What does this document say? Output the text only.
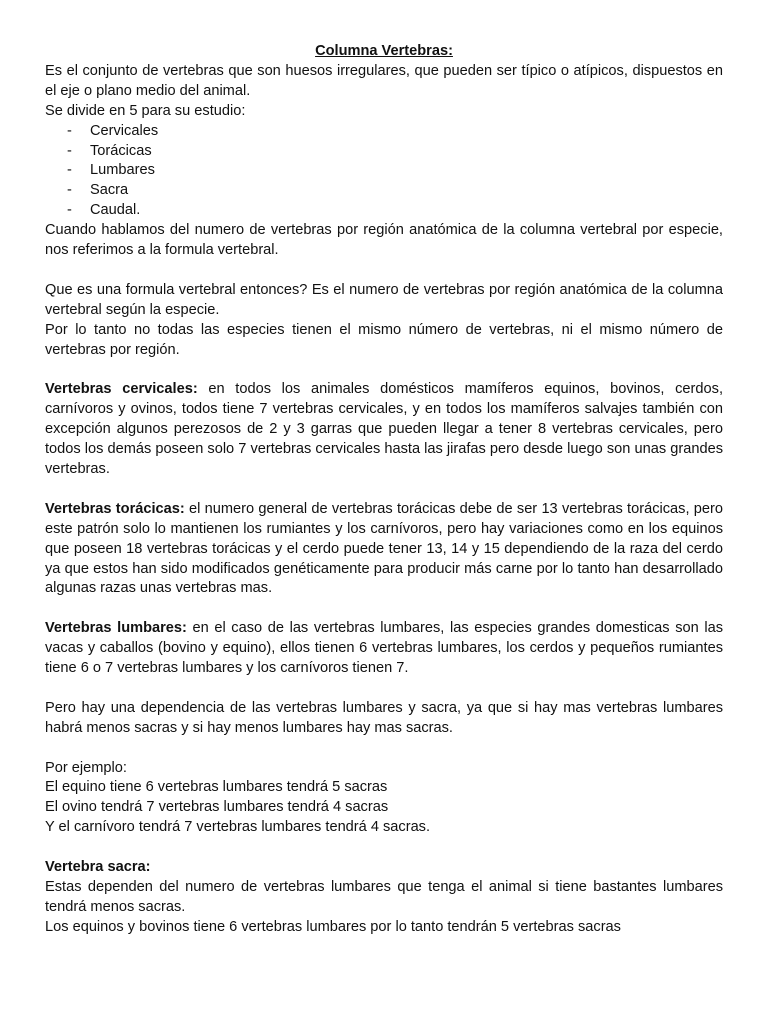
Columna Vertebras:

Es el conjunto de vertebras que son huesos irregulares, que pueden ser típico o atípicos, dispuestos en el eje o plano medio del animal.

Se divide en 5 para su estudio:

- Cervicales
- Torácicas
- Lumbares
- Sacra
- Caudal.

Cuando hablamos del numero de vertebras por región anatómica de la columna vertebral por especie, nos referimos a la formula vertebral.

Que es una formula vertebral entonces? Es el numero de vertebras por región anatómica de la columna vertebral según la especie.

Por lo tanto no todas las especies tienen el mismo número de vertebras, ni el mismo número de vertebras por región.

Vertebras cervicales: en todos los animales domésticos mamíferos equinos, bovinos, cerdos, carnívoros y ovinos, todos tiene 7 vertebras cervicales, y en todos los mamíferos salvajes también con excepción algunos perezosos de 2 y 3 garras que pueden llegar a tener 8 vertebras cervicales, pero todos los demás poseen solo 7 vertebras cervicales hasta las jirafas pero desde luego son unas grandes vertebras.

Vertebras torácicas: el numero general de vertebras torácicas debe de ser 13 vertebras torácicas, pero este patrón solo lo mantienen los rumiantes y los carnívoros, pero hay variaciones como en los equinos que poseen 18 vertebras torácicas y el cerdo puede tener 13, 14 y 15 dependiendo de la raza del cerdo ya que estos han sido modificados genéticamente para producir más carne por lo tanto han desarrollado algunas razas unas vertebras mas.

Vertebras lumbares: en el caso de las vertebras lumbares, las especies grandes domesticas son las vacas y caballos (bovino y equino), ellos tienen 6 vertebras lumbares, los cerdos y pequeños rumiantes tiene 6 o 7 vertebras lumbares y los carnívoros tienen 7.

Pero hay una dependencia de las vertebras lumbares y sacra, ya que si hay mas vertebras lumbares habrá menos sacras y si hay menos lumbares hay mas sacras.

Por ejemplo:

El equino tiene 6 vertebras lumbares tendrá 5 sacras

El ovino tendrá 7 vertebras lumbares tendrá 4 sacras

Y el carnívoro tendrá 7 vertebras lumbares tendrá 4 sacras.

Vertebra sacra:

Estas dependen del numero de vertebras lumbares que tenga el animal si tiene bastantes lumbares tendrá menos sacras.

Los equinos y bovinos tiene 6 vertebras lumbares por lo tanto tendrán 5 vertebras sacras
